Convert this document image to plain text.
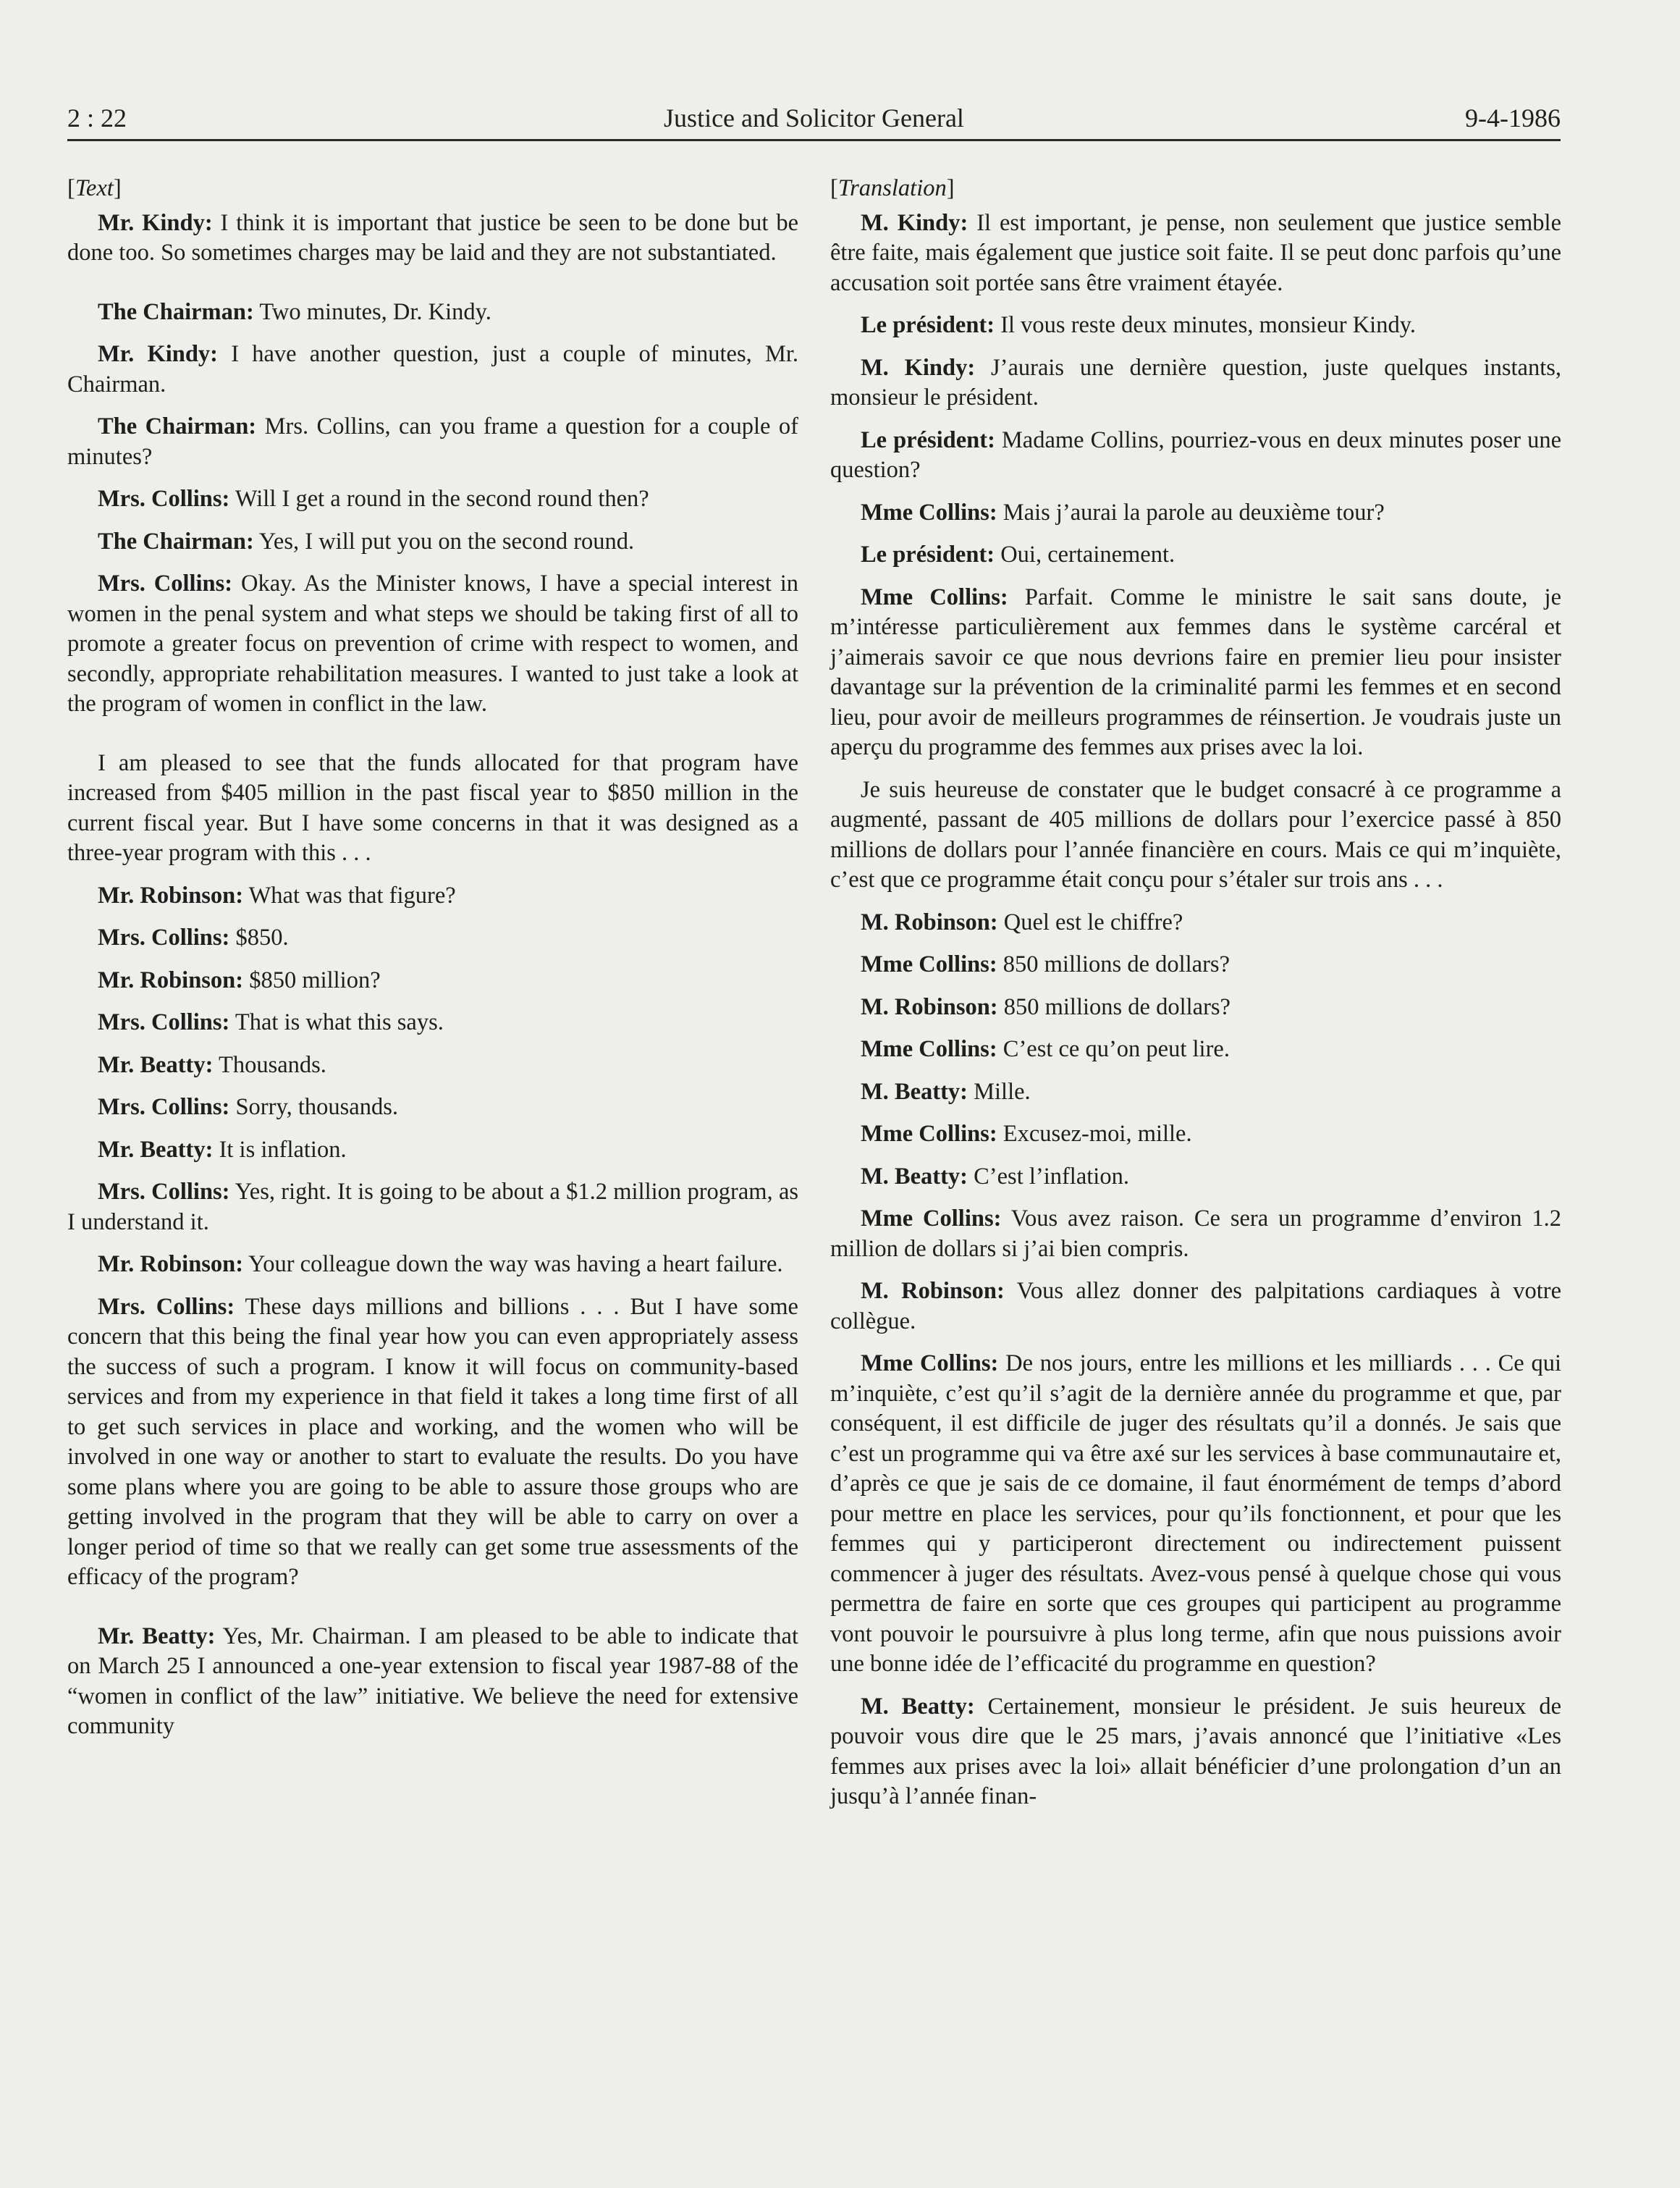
2 : 22	Justice and Solicitor General	9-4-1986

[Text]

Mr. Kindy: I think it is important that justice be seen to be done but be done too. So sometimes charges may be laid and they are not substantiated.

The Chairman: Two minutes, Dr. Kindy.

Mr. Kindy: I have another question, just a couple of minutes, Mr. Chairman.

The Chairman: Mrs. Collins, can you frame a question for a couple of minutes?

Mrs. Collins: Will I get a round in the second round then?

The Chairman: Yes, I will put you on the second round.

Mrs. Collins: Okay. As the Minister knows, I have a special interest in women in the penal system and what steps we should be taking first of all to promote a greater focus on prevention of crime with respect to women, and secondly, appropriate rehabilitation measures. I wanted to just take a look at the program of women in conflict in the law.

I am pleased to see that the funds allocated for that program have increased from $405 million in the past fiscal year to $850 million in the current fiscal year. But I have some concerns in that it was designed as a three-year program with this . . .

Mr. Robinson: What was that figure?

Mrs. Collins: $850.

Mr. Robinson: $850 million?

Mrs. Collins: That is what this says.

Mr. Beatty: Thousands.

Mrs. Collins: Sorry, thousands.

Mr. Beatty: It is inflation.

Mrs. Collins: Yes, right. It is going to be about a $1.2 million program, as I understand it.

Mr. Robinson: Your colleague down the way was having a heart failure.

Mrs. Collins: These days millions and billions . . . But I have some concern that this being the final year how you can even appropriately assess the success of such a program. I know it will focus on community-based services and from my experience in that field it takes a long time first of all to get such services in place and working, and the women who will be involved in one way or another to start to evaluate the results. Do you have some plans where you are going to be able to assure those groups who are getting involved in the program that they will be able to carry on over a longer period of time so that we really can get some true assessments of the efficacy of the program?

Mr. Beatty: Yes, Mr. Chairman. I am pleased to be able to indicate that on March 25 I announced a one-year extension to fiscal year 1987-88 of the “women in conflict of the law” initiative. We believe the need for extensive community

[Translation]

M. Kindy: Il est important, je pense, non seulement que justice semble être faite, mais également que justice soit faite. Il se peut donc parfois qu’une accusation soit portée sans être vraiment étayée.

Le président: Il vous reste deux minutes, monsieur Kindy.

M. Kindy: J’aurais une dernière question, juste quelques instants, monsieur le président.

Le président: Madame Collins, pourriez-vous en deux minutes poser une question?

Mme Collins: Mais j’aurai la parole au deuxième tour?

Le président: Oui, certainement.

Mme Collins: Parfait. Comme le ministre le sait sans doute, je m’intéresse particulièrement aux femmes dans le système carcéral et j’aimerais savoir ce que nous devrions faire en premier lieu pour insister davantage sur la prévention de la criminalité parmi les femmes et en second lieu, pour avoir de meilleurs programmes de réinsertion. Je voudrais juste un aperçu du programme des femmes aux prises avec la loi.

Je suis heureuse de constater que le budget consacré à ce programme a augmenté, passant de 405 millions de dollars pour l’exercice passé à 850 millions de dollars pour l’année financière en cours. Mais ce qui m’inquiète, c’est que ce programme était conçu pour s’étaler sur trois ans . . .

M. Robinson: Quel est le chiffre?

Mme Collins: 850 millions de dollars?

M. Robinson: 850 millions de dollars?

Mme Collins: C’est ce qu’on peut lire.

M. Beatty: Mille.

Mme Collins: Excusez-moi, mille.

M. Beatty: C’est l’inflation.

Mme Collins: Vous avez raison. Ce sera un programme d’environ 1.2 million de dollars si j’ai bien compris.

M. Robinson: Vous allez donner des palpitations cardiaques à votre collègue.

Mme Collins: De nos jours, entre les millions et les milliards . . . Ce qui m’inquiète, c’est qu’il s’agit de la dernière année du programme et que, par conséquent, il est difficile de juger des résultats qu’il a donnés. Je sais que c’est un programme qui va être axé sur les services à base communautaire et, d’après ce que je sais de ce domaine, il faut énormément de temps d’abord pour mettre en place les services, pour qu’ils fonctionnent, et pour que les femmes qui y participeront directement ou indirectement puissent commencer à juger des résultats. Avez-vous pensé à quelque chose qui vous permettra de faire en sorte que ces groupes qui participent au programme vont pouvoir le poursuivre à plus long terme, afin que nous puissions avoir une bonne idée de l’efficacité du programme en question?

M. Beatty: Certainement, monsieur le président. Je suis heureux de pouvoir vous dire que le 25 mars, j’avais annoncé que l’initiative «Les femmes aux prises avec la loi» allait bénéficier d’une prolongation d’un an jusqu’à l’année finan-
